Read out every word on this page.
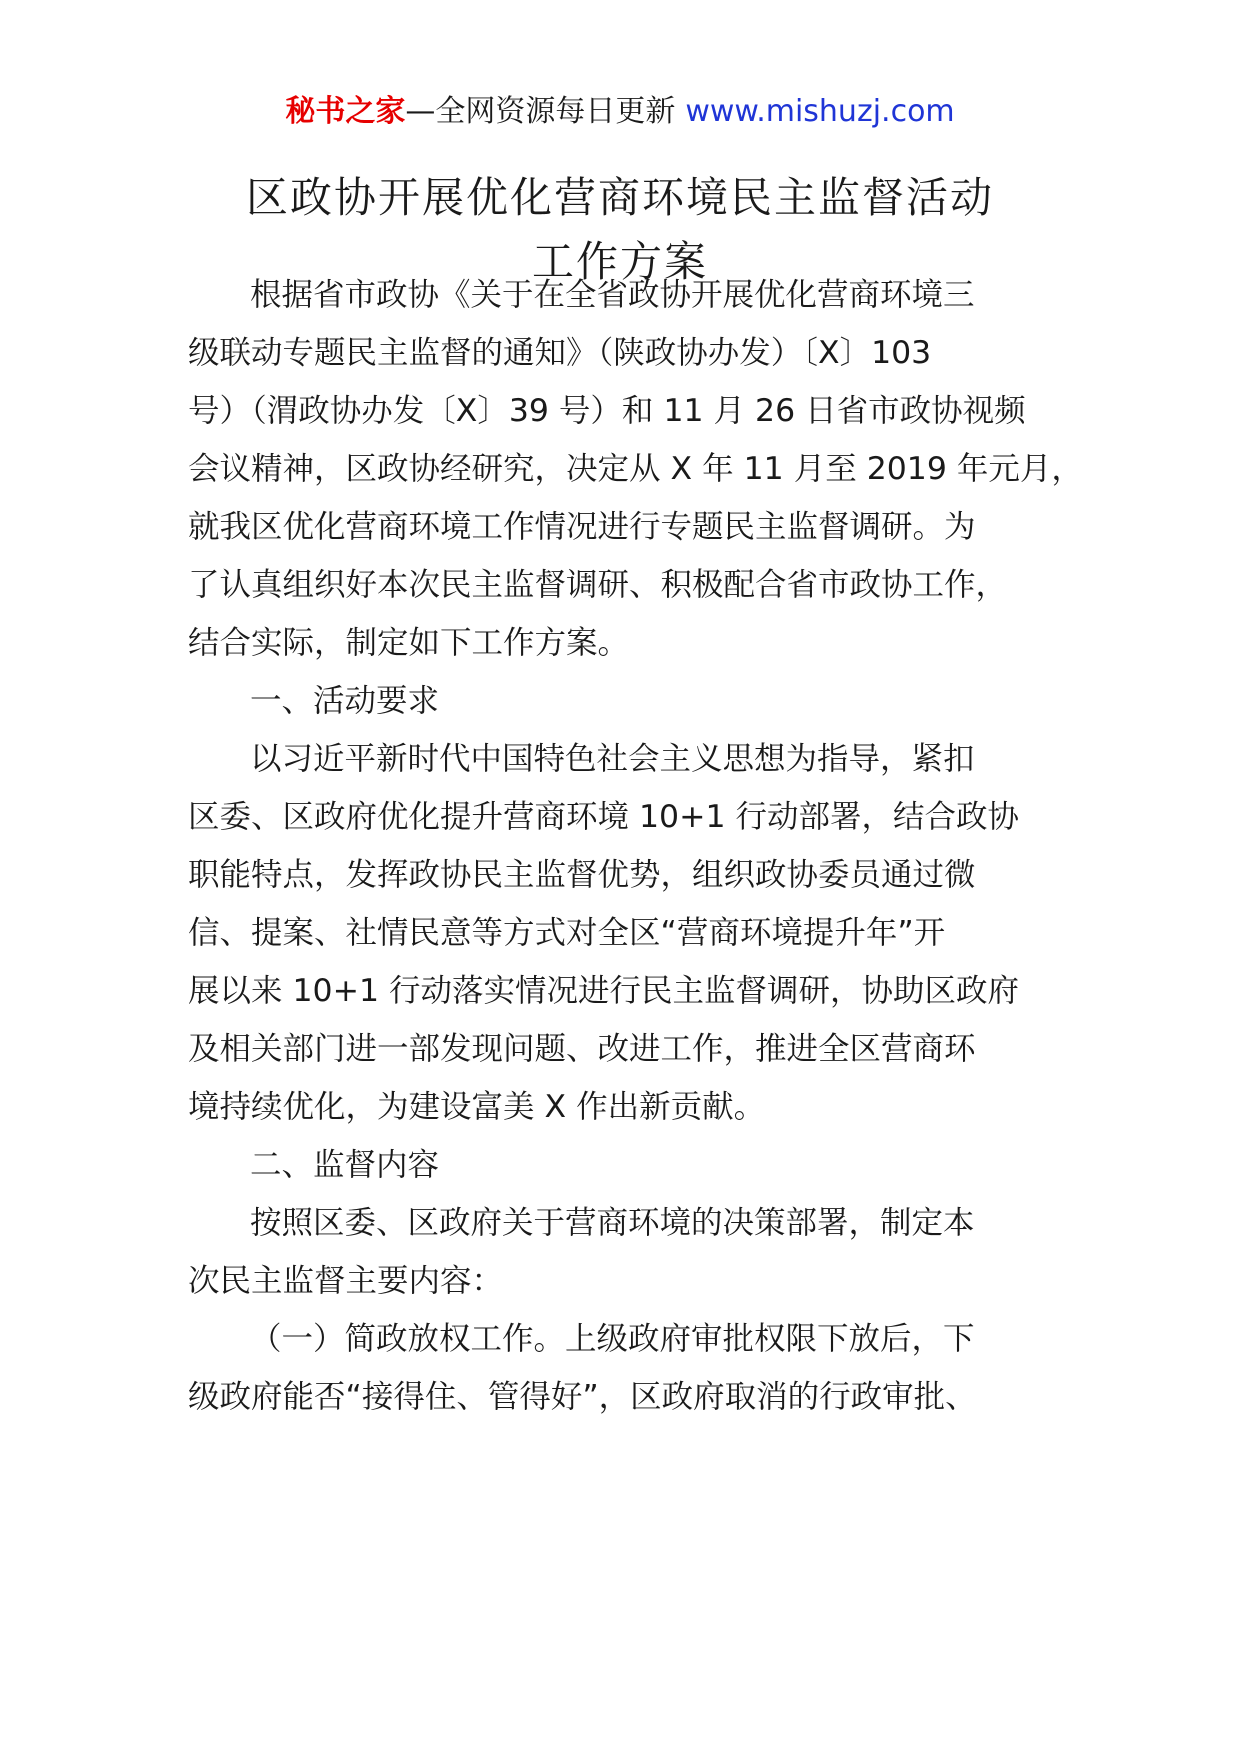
秘书之家—全网资源每日更新 www.mishuzj.com
区政协开展优化营商环境民主监督活动
工作方案
根据省市政协《关于在全省政协开展优化营商环境三
级联动专题民主监督的通知》（陕政协办发）〔X〕103
号）（渭政协办发〔X〕39 号）和 11 月 26 日省市政协视频
会议精神，区政协经研究，决定从 X 年 11 月至 2019 年元月，
就我区优化营商环境工作情况进行专题民主监督调研。为
了认真组织好本次民主监督调研、积极配合省市政协工作，
结合实际，制定如下工作方案。
一、活动要求
以习近平新时代中国特色社会主义思想为指导，紧扣
区委、区政府优化提升营商环境 10+1 行动部署，结合政协
职能特点，发挥政协民主监督优势，组织政协委员通过微
信、提案、社情民意等方式对全区“营商环境提升年”开
展以来 10+1 行动落实情况进行民主监督调研，协助区政府
及相关部门进一部发现问题、改进工作，推进全区营商环
境持续优化，为建设富美 X 作出新贡献。
二、监督内容
按照区委、区政府关于营商环境的决策部署，制定本
次民主监督主要内容：
（一）简政放权工作。上级政府审批权限下放后，下
级政府能否“接得住、管得好”，区政府取消的行政审批、
